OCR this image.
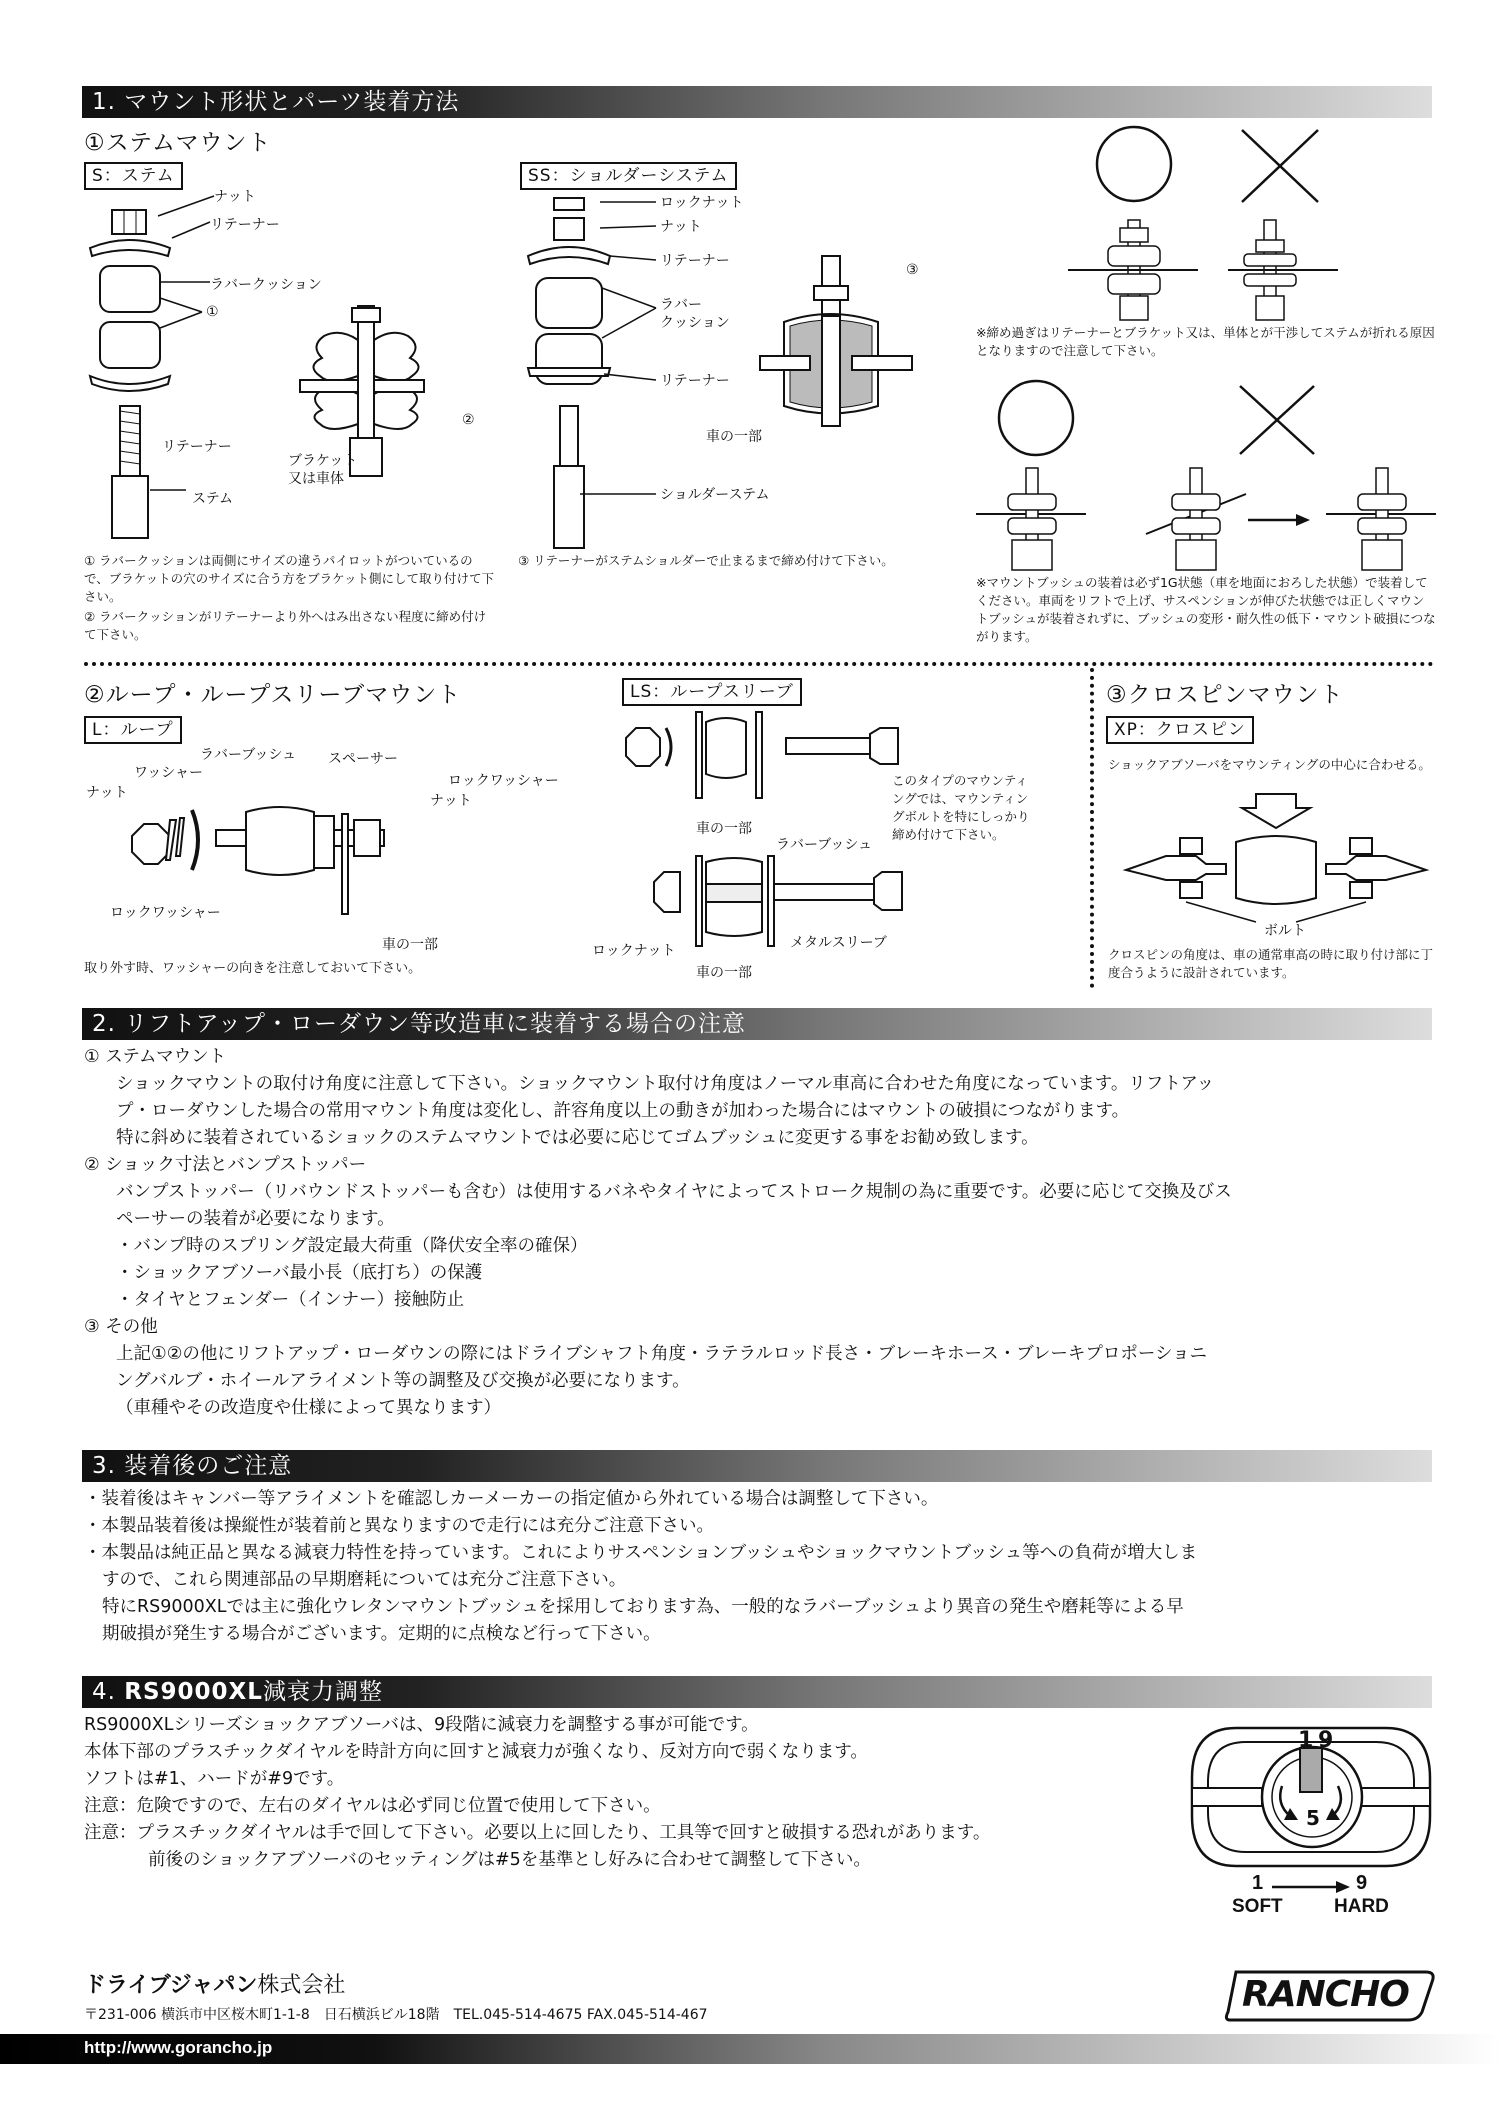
1. マウント形状とパーツ装着方法
①ステムマウント
S：ステム	SS：ショルダーシステム
ナット
リテーナー
ラバークッション
①
リテーナー
ステム
②
ブラケット
又は車体
ロックナット
ナット
リテーナー
ラバー
クッション
リテーナー
ショルダーステム
③
車の一部
① ラバークッションは両側にサイズの違うパイロットがついているので、ブラケットの穴のサイズに合う方をブラケット側にして取り付けて下さい。
② ラバークッションがリテーナーより外へはみ出さない程度に締め付けて下さい。
③ リテーナーがステムショルダーで止まるまで締め付けて下さい。
※締め過ぎはリテーナーとブラケット又は、単体とが干渉してステムが折れる原因となりますので注意して下さい。
※マウントブッシュの装着は必ず1G状態（車を地面におろした状態）で装着してください。車両をリフトで上げ、サスペンションが伸びた状態では正しくマウントブッシュが装着されずに、ブッシュの変形・耐久性の低下・マウント破損につながります。
②ループ・ループスリーブマウント
L：ループ
LS：ループスリーブ
ワッシャー
ラバーブッシュ スペーサー
ロックワッシャー
ナット
ナット
ロックワッシャー
車の一部
取り外す時、ワッシャーの向きを注意しておいて下さい。
車の一部
ラバーブッシュ
ロックナット	メタルスリーブ
車の一部
このタイプのマウンティングでは、マウンティングボルトを特にしっかり締め付けて下さい。
③クロスピンマウント
XP：クロスピン
ショックアブソーバをマウンティングの中心に合わせる。
ボルト
クロスピンの角度は、車の通常車高の時に取り付け部に丁度合うように設計されています。
2. リフトアップ・ローダウン等改造車に装着する場合の注意
① ステムマウント
ショックマウントの取付け角度に注意して下さい。ショックマウント取付け角度はノーマル車高に合わせた角度になっています。リフトアッ
プ・ローダウンした場合の常用マウント角度は変化し、許容角度以上の動きが加わった場合にはマウントの破損につながります。
特に斜めに装着されているショックのステムマウントでは必要に応じてゴムブッシュに変更する事をお勧め致します。
② ショック寸法とバンプストッパー
バンプストッパー（リバウンドストッパーも含む）は使用するバネやタイヤによってストローク規制の為に重要です。必要に応じて交換及びス
ペーサーの装着が必要になります。
・バンプ時のスプリング設定最大荷重（降伏安全率の確保）
・ショックアブソーバ最小長（底打ち）の保護
・タイヤとフェンダー（インナー）接触防止
③ その他
上記①②の他にリフトアップ・ローダウンの際にはドライブシャフト角度・ラテラルロッド長さ・ブレーキホース・ブレーキプロポーショニ
ングバルブ・ホイールアライメント等の調整及び交換が必要になります。
（車種やその改造度や仕様によって異なります）
3. 装着後のご注意
・装着後はキャンバー等アライメントを確認しカーメーカーの指定値から外れている場合は調整して下さい。
・本製品装着後は操縦性が装着前と異なりますので走行には充分ご注意下さい。
・本製品は純正品と異なる減衰力特性を持っています。これによりサスペンションブッシュやショックマウントブッシュ等への負荷が増大しま
すので、これら関連部品の早期磨耗については充分ご注意下さい。
特にRS9000XLでは主に強化ウレタンマウントブッシュを採用しております為、一般的なラバーブッシュより異音の発生や磨耗等による早
期破損が発生する場合がございます。定期的に点検など行って下さい。
4. RS9000XL減衰力調整
RS9000XLシリーズショックアブソーバは、9段階に減衰力を調整する事が可能です。
本体下部のプラスチックダイヤルを時計方向に回すと減衰力が強くなり、反対方向で弱くなります。
ソフトは#1、ハードが#9です。
注意：危険ですので、左右のダイヤルは必ず同じ位置で使用して下さい。
注意：プラスチックダイヤルは手で回して下さい。必要以上に回したり、工具等で回すと破損する恐れがあります。
前後のショックアブソーバのセッティングは#5を基準とし好みに合わせて調整して下さい。
1 9
5
1	9
SOFT	HARD
ドライブジャパン株式会社
〒231-006 横浜市中区桜木町1-1-8　日石横浜ビル18階　TEL.045-514-4675 FAX.045-514-467
http://www.gorancho.jp
RANCHO
